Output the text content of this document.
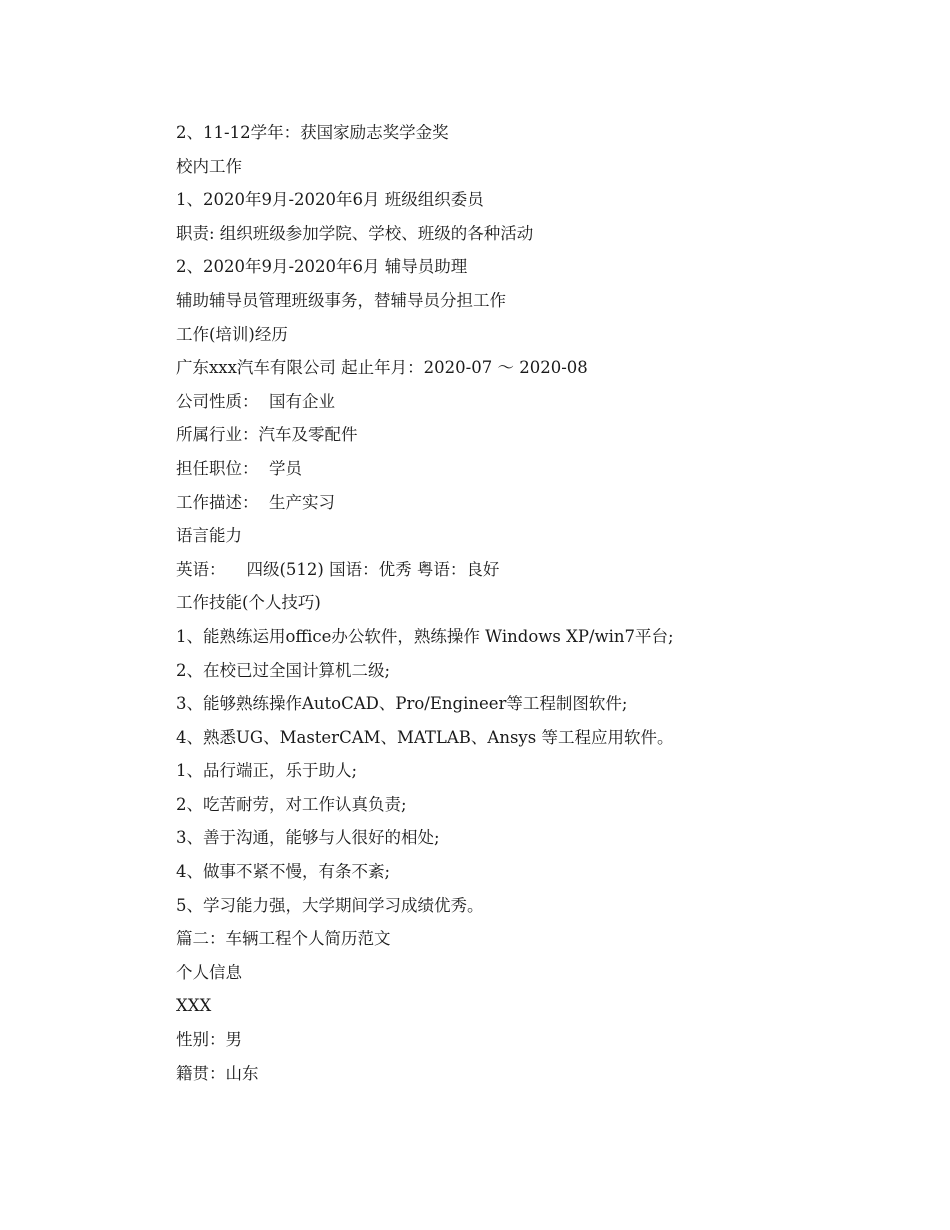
2、11-12学年：获国家励志奖学金奖
校内工作
1、2020年9月-2020年6月 班级组织委员
职责: 组织班级参加学院、学校、班级的各种活动
2、2020年9月-2020年6月 辅导员助理
辅助辅导员管理班级事务，替辅导员分担工作
工作(培训)经历
广东xxx汽车有限公司 起止年月：2020-07 ～ 2020-08
公司性质：  国有企业
所属行业：汽车及零配件
担任职位：  学员
工作描述：  生产实习
语言能力
英语：    四级(512) 国语：优秀 粤语：良好
工作技能(个人技巧)
1、能熟练运用office办公软件，熟练操作 Windows XP/win7平台;
2、在校已过全国计算机二级;
3、能够熟练操作AutoCAD、Pro/Engineer等工程制图软件;
4、熟悉UG、MasterCAM、MATLAB、Ansys 等工程应用软件。
1、品行端正，乐于助人;
2、吃苦耐劳，对工作认真负责;
3、善于沟通，能够与人很好的相处;
4、做事不紧不慢，有条不紊;
5、学习能力强，大学期间学习成绩优秀。
篇二：车辆工程个人简历范文
个人信息
XXX
性别：男
籍贯：山东
